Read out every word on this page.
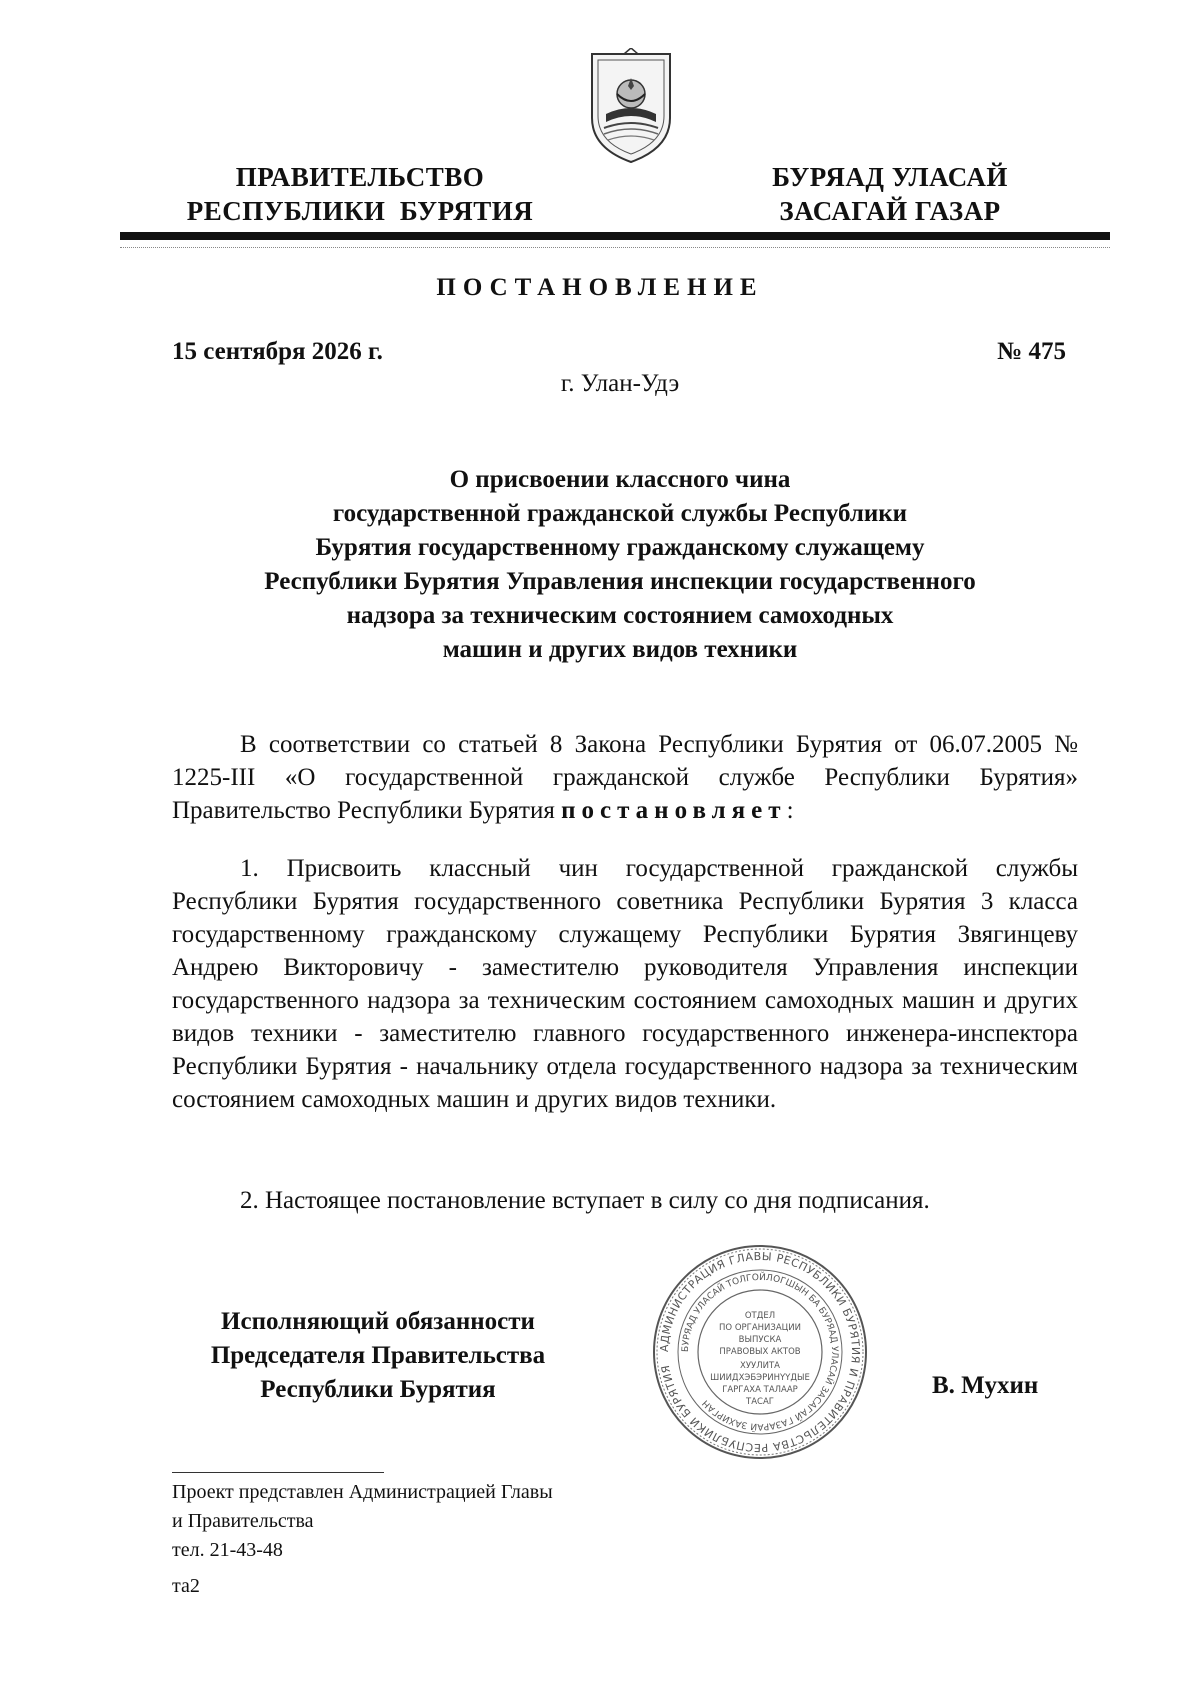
ПРАВИТЕЛЬСТВО
РЕСПУБЛИКИ  БУРЯТИЯ
БУРЯАД УЛАСАЙ
ЗАСАГАЙ ГАЗАР
ПОСТАНОВЛЕНИЕ
15 сентября 2026 г.	№ 475
г. Улан-Удэ
О присвоении классного чина
государственной гражданской службы Республики
Бурятия государственному гражданскому служащему
Республики Бурятия Управления инспекции государственного
надзора за техническим состоянием самоходных
машин и других видов техники

В соответствии со статьей 8 Закона Республики Бурятия от 06.07.2005 № 1225-III «О государственной гражданской службе Республики Бурятия» Правительство Республики Бурятия постановляет:

1. Присвоить классный чин государственной гражданской службы Республики Бурятия государственного советника Республики Бурятия 3 класса государственному гражданскому служащему Республики Бурятия Звягинцеву Андрею Викторовичу - заместителю руководителя Управления инспекции государственного надзора за техническим состоянием самоходных машин и других видов техники - заместителю главного государственного инженера-инспектора Республики Бурятия - начальнику отдела государственного надзора за техническим состоянием самоходных машин и других видов техники.

2. Настоящее постановление вступает в силу со дня подписания.

Исполняющий обязанности
Председателя Правительства
Республики Бурятия
АДМИНИСТРАЦИЯ ГЛАВЫ РЕСПУБЛИКИ БУРЯТИЯ И ПРАВИТЕЛЬСТВА РЕСПУБЛИКИ БУРЯТИЯ
БУРЯАД УЛАСАЙ ТОЛГОЙЛОГШЫН БА БУРЯАД УЛАСАЙ ЗАСАГАЙ ГАЗАРАЙ ЗАХИРГАН
ОТДЕЛ
ПО ОРГАНИЗАЦИИ
ВЫПУСКА
ПРАВОВЫХ АКТОВ
ХУУЛИТА
ШИИДХЭБЭРИНҮҮДЫЕ
ГАРГАХА ТАЛААР
ТАСАГ
В. Мухин
Проект представлен Администрацией Главы
и Правительства
тел. 21-43-48
та2
